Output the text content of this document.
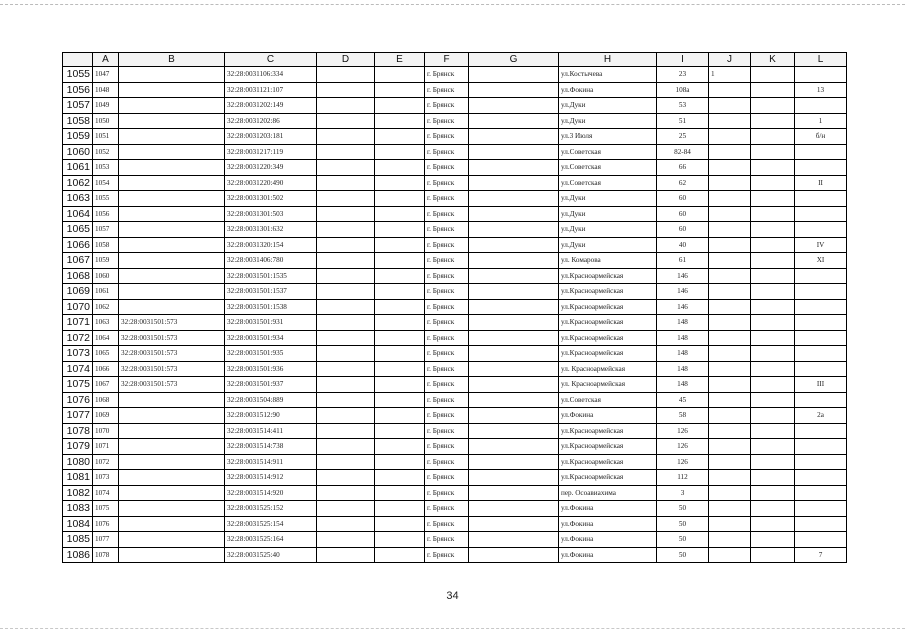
	A	B	C	D	E	F	G	H	I	J	K	L
1055	1047		32:28:0031106:334			г. Брянск		ул.Костычева	23	1		
1056	1048		32:28:0031121:107			г. Брянск		ул.Фокина	108а			13
1057	1049		32:28:0031202:149			г. Брянск		ул.Дуки	53			
1058	1050		32:28:0031202:86			г. Брянск		ул.Дуки	51			1
1059	1051		32:28:0031203:181			г. Брянск		ул.3 Июля	25			б/н
1060	1052		32:28:0031217:119			г. Брянск		ул.Советская	82-84			
1061	1053		32:28:0031220:349			г. Брянск		ул.Советская	66			
1062	1054		32:28:0031220:490			г. Брянск		ул.Советская	62			II
1063	1055		32:28:0031301:502			г. Брянск		ул.Дуки	60			
1064	1056		32:28:0031301:503			г. Брянск		ул.Дуки	60			
1065	1057		32:28:0031301:632			г. Брянск		ул.Дуки	60			
1066	1058		32:28:0031320:154			г. Брянск		ул.Дуки	40			IV
1067	1059		32:28:0031406:780			г. Брянск		ул. Комарова	61			XI
1068	1060		32:28:0031501:1535			г. Брянск		ул.Красноармейская	146			
1069	1061		32:28:0031501:1537			г. Брянск		ул.Красноармейская	146			
1070	1062		32:28:0031501:1538			г. Брянск		ул.Красноармейская	146			
1071	1063	32:28:0031501:573	32:28:0031501:931			г. Брянск		ул.Красноармейская	148			
1072	1064	32:28:0031501:573	32:28:0031501:934			г. Брянск		ул.Красноармейская	148			
1073	1065	32:28:0031501:573	32:28:0031501:935			г. Брянск		ул.Красноармейская	148			
1074	1066	32:28:0031501:573	32:28:0031501:936			г. Брянск		ул. Красноармейская	148			
1075	1067	32:28:0031501:573	32:28:0031501:937			г. Брянск		ул. Красноармейская	148			III
1076	1068		32:28:0031504:889			г. Брянск		ул.Советская	45			
1077	1069		32:28:0031512:90			г. Брянск		ул.Фокина	58			2а
1078	1070		32:28:0031514:411			г. Брянск		ул.Красноармейская	126			
1079	1071		32:28:0031514:738			г. Брянск		ул.Красноармейская	126			
1080	1072		32:28:0031514:911			г. Брянск		ул.Красноармейская	126			
1081	1073		32:28:0031514:912			г. Брянск		ул.Красноармейская	112			
1082	1074		32:28:0031514:920			г. Брянск		пер. Осоавиахима	3			
1083	1075		32:28:0031525:152			г. Брянск		ул.Фокина	50			
1084	1076		32:28:0031525:154			г. Брянск		ул.Фокина	50			
1085	1077		32:28:0031525:164			г. Брянск		ул.Фокина	50			
1086	1078		32:28:0031525:40			г. Брянск		ул.Фокина	50			7
34
